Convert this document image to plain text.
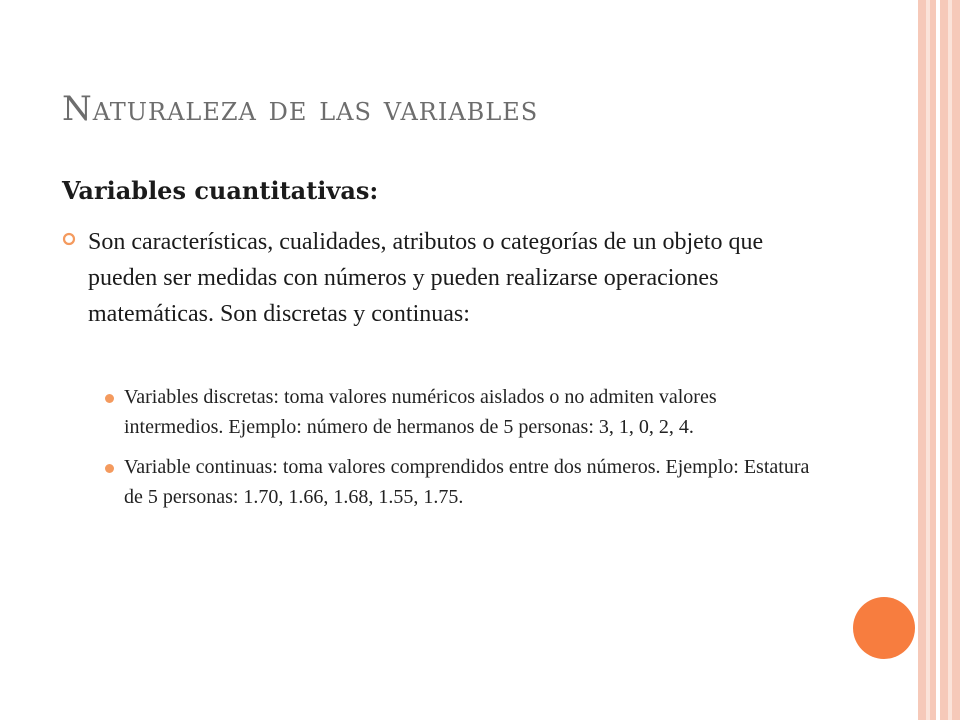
Naturaleza de las variables
Variables cuantitativas:
Son características, cualidades, atributos o categorías de un objeto que pueden ser medidas con números y pueden realizarse operaciones matemáticas. Son discretas y continuas:
Variables discretas: toma valores numéricos aislados o no admiten valores intermedios. Ejemplo: número de hermanos de 5 personas: 3, 1, 0, 2, 4.
Variable continuas: toma valores comprendidos entre dos números. Ejemplo: Estatura de 5 personas: 1.70, 1.66, 1.68, 1.55, 1.75.
